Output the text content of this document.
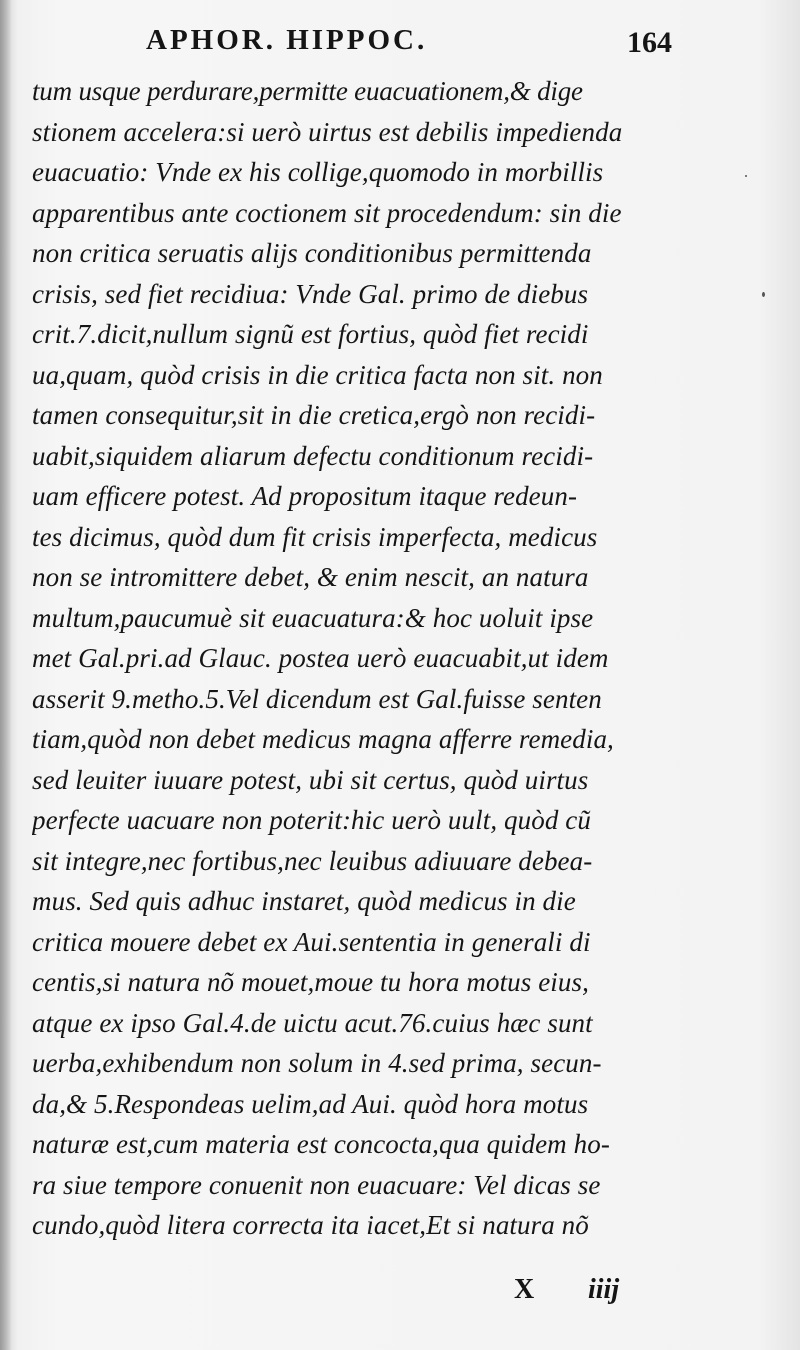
APHOR. HIPPOC.	164
tum usque perdurare,permitte euacuationem,& dige
stionem accelera:si uerò uirtus est debilis impedienda
euacuatio: Vnde ex his collige,quomodo in morbillis
apparentibus ante coctionem sit procedendum: sin die
non critica seruatis alijs conditionibus permittenda
crisis, sed fiet recidiua: Vnde Gal. primo de diebus
crit.7.dicit,nullum signũ est fortius, quòd fiet recidi
ua,quam, quòd crisis in die critica facta non sit. non
tamen consequitur,sit in die cretica,ergò non recidi-
uabit,siquidem aliarum defectu conditionum recidi-
uam efficere potest. Ad propositum itaque redeun-
tes dicimus, quòd dum fit crisis imperfecta, medicus
non se intromittere debet, & enim nescit, an natura
multum,paucumuè sit euacuatura:& hoc uoluit ipse
met Gal.pri.ad Glauc. postea uerò euacuabit,ut idem
asserit 9.metho.5.Vel dicendum est Gal.fuisse senten
tiam,quòd non debet medicus magna afferre remedia,
sed leuiter iuuare potest, ubi sit certus, quòd uirtus
perfecte uacuare non poterit:hic uerò uult, quòd cũ
sit integre,nec fortibus,nec leuibus adiuuare debea-
mus. Sed quis adhuc instaret, quòd medicus in die
critica mouere debet ex Aui.sententia in generali di
centis,si natura nõ mouet,moue tu hora motus eius,
atque ex ipso Gal.4.de uictu acut.76.cuius hæc sunt
uerba,exhibendum non solum in 4.sed prima, secun-
da,& 5.Respondeas uelim,ad Aui. quòd hora motus
naturæ est,cum materia est concocta,qua quidem ho-
ra siue tempore conuenit non euacuare: Vel dicas se
cundo,quòd litera correcta ita iacet,Et si natura nõ
X iiij
